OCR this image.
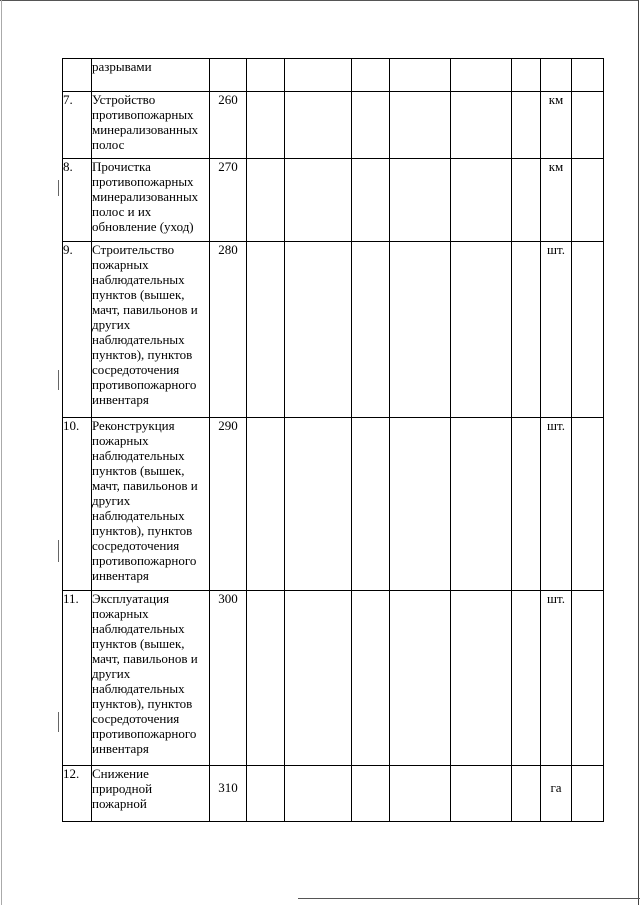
	разрывами									
7.	Устройство противопожарных минерализованных полос	260							км	
8.	Прочистка противопожарных минерализованных полос и их обновление (уход)	270							км	
9.	Строительство пожарных наблюдательных пунктов (вышек, мачт, павильонов и других наблюдательных пунктов), пунктов сосредоточения противопожарного инвентаря	280							шт.	
10.	Реконструкция пожарных наблюдательных пунктов (вышек, мачт, павильонов и других наблюдательных пунктов), пунктов сосредоточения противопожарного инвентаря	290							шт.	
11.	Эксплуатация пожарных наблюдательных пунктов (вышек, мачт, павильонов и других наблюдательных пунктов), пунктов сосредоточения противопожарного инвентаря	300							шт.	
12.	Снижение природной пожарной	310							га	
